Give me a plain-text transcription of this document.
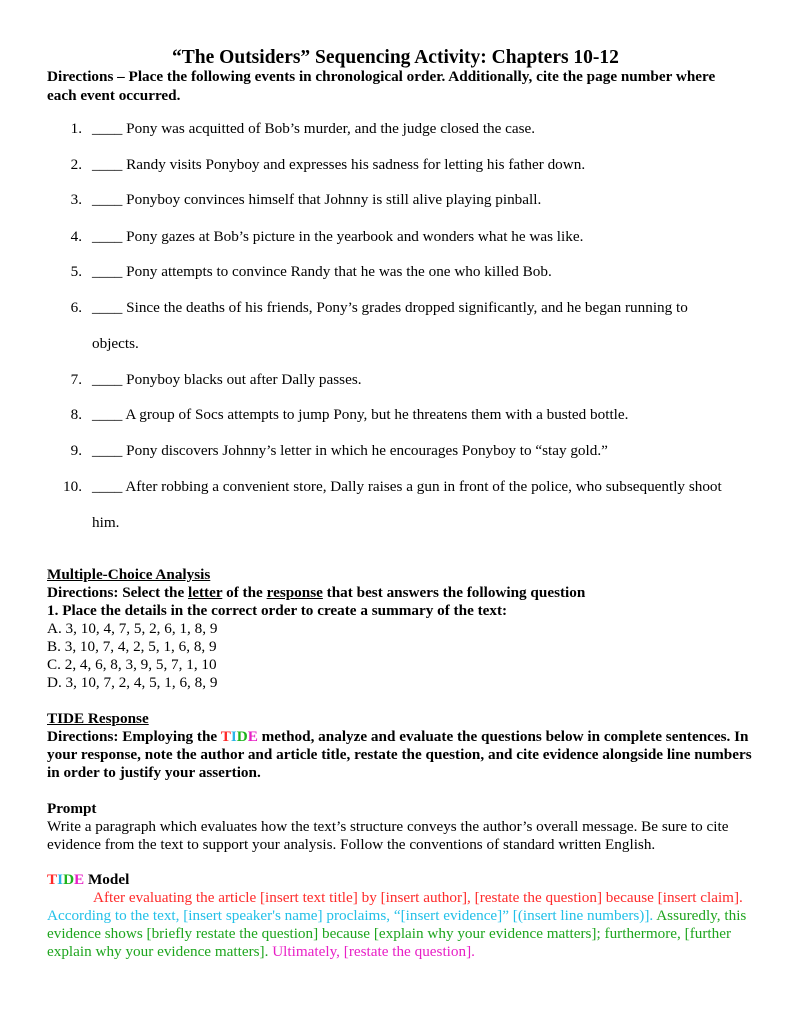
“The Outsiders” Sequencing Activity: Chapters 10-12
Directions – Place the following events in chronological order. Additionally, cite the page number where each event occurred.
1. ____ Pony was acquitted of Bob’s murder, and the judge closed the case.
2. ____ Randy visits Ponyboy and expresses his sadness for letting his father down.
3. ____ Ponyboy convinces himself that Johnny is still alive playing pinball.
4. ____ Pony gazes at Bob’s picture in the yearbook and wonders what he was like.
5. ____ Pony attempts to convince Randy that he was the one who killed Bob.
6. ____ Since the deaths of his friends, Pony’s grades dropped significantly, and he began running to
objects.
7. ____ Ponyboy blacks out after Dally passes.
8. ____ A group of Socs attempts to jump Pony, but he threatens them with a busted bottle.
9. ____ Pony discovers Johnny’s letter in which he encourages Ponyboy to “stay gold.”
10. ____ After robbing a convenient store, Dally raises a gun in front of the police, who subsequently shoot
him.
Multiple-Choice Analysis
Directions: Select the letter of the response that best answers the following question
1. Place the details in the correct order to create a summary of the text:
A. 3, 10, 4, 7, 5, 2, 6, 1, 8, 9
B. 3, 10, 7, 4, 2, 5, 1, 6, 8, 9
C. 2, 4, 6, 8, 3, 9, 5, 7, 1, 10
D. 3, 10, 7, 2, 4, 5, 1, 6, 8, 9
TIDE Response
Directions: Employing the TIDE method, analyze and evaluate the questions below in complete sentences. In your response, note the author and article title, restate the question, and cite evidence alongside line numbers in order to justify your assertion.
Prompt
Write a paragraph which evaluates how the text’s structure conveys the author’s overall message. Be sure to cite evidence from the text to support your analysis. Follow the conventions of standard written English.
TIDE Model
After evaluating the article [insert text title] by [insert author], [restate the question] because [insert claim]. According to the text, [insert speaker's name] proclaims, “[insert evidence]” [(insert line numbers)]. Assuredly, this evidence shows [briefly restate the question] because [explain why your evidence matters]; furthermore, [further explain why your evidence matters]. Ultimately, [restate the question].
